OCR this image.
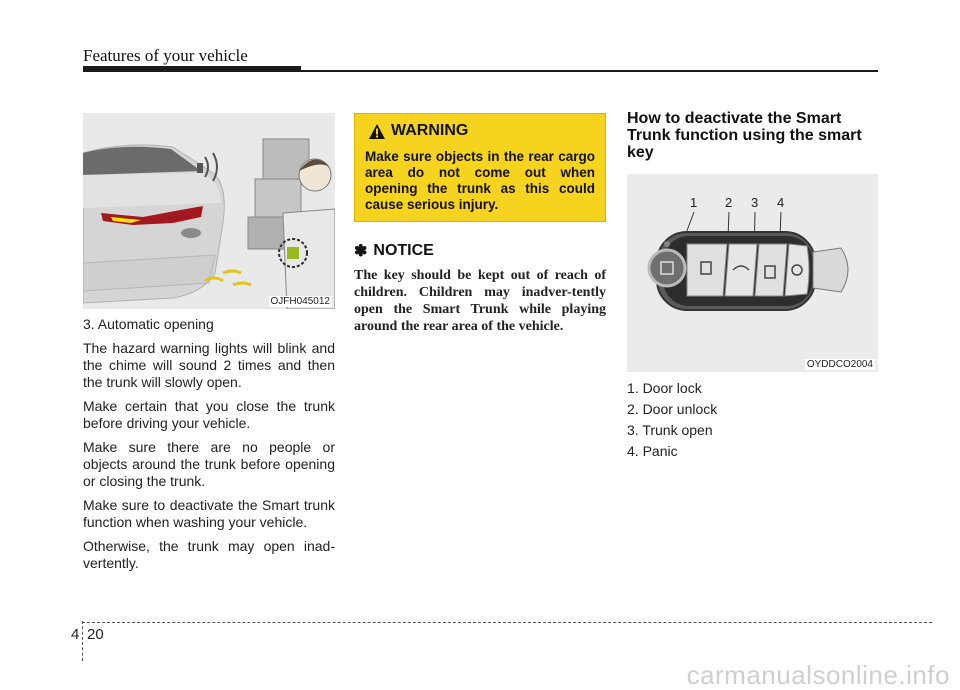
Features of your vehicle
OJFH045012

3. Automatic opening

The hazard warning lights will blink and the chime will sound 2 times and then the trunk will slowly open.

Make certain that you close the trunk before driving your vehicle.

Make sure there are no people or objects around the trunk before opening or closing the trunk.

Make sure to deactivate the Smart trunk function when washing your vehicle.

Otherwise, the trunk may open inad-vertently.

WARNING
Make sure objects in the rear cargo area do not come out when opening the trunk as this could cause serious injury.
✽ NOTICE
The key should be kept out of reach of children. Children may inadver-tently open the Smart Trunk while playing around the rear area of the vehicle.
How to deactivate the Smart Trunk function using the smart key
1 2 3 4
OYDDCO2004
1. Door lock
2. Door unlock
3. Trunk open
4. Panic
4 20
carmanualsonline.info
